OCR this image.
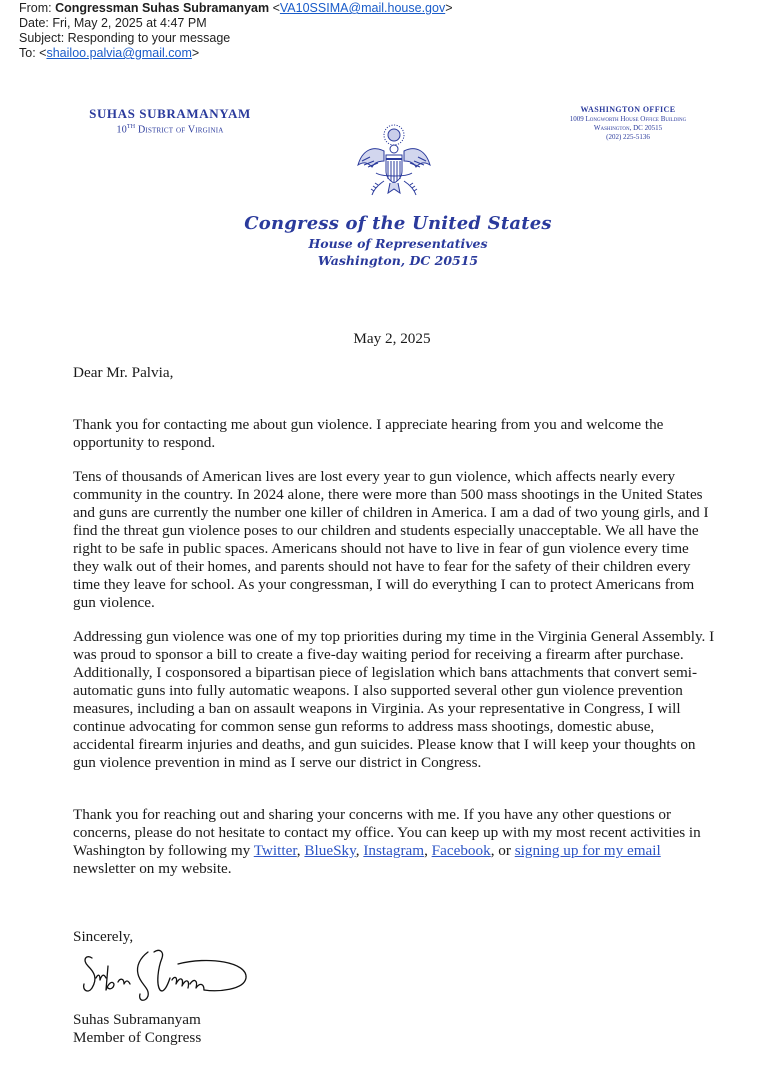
From: Congressman Suhas Subramanyam <VA10SSIMA@mail.house.gov>
Date: Fri, May 2, 2025 at 4:47 PM
Subject: Responding to your message
To: <shailoo.palvia@gmail.com>
SUHAS SUBRAMANYAM
10TH District of Virginia
WASHINGTON OFFICE
1009 Longworth House Office Building
Washington, DC 20515
(202) 225-5136
Congress of the United States
House of Representatives
Washington, DC 20515
May 2, 2025

Dear Mr. Palvia,

Thank you for contacting me about gun violence. I appreciate hearing from you and welcome the opportunity to respond.

Tens of thousands of American lives are lost every year to gun violence, which affects nearly every community in the country. In 2024 alone, there were more than 500 mass shootings in the United States and guns are currently the number one killer of children in America. I am a dad of two young girls, and I find the threat gun violence poses to our children and students especially unacceptable. We all have the right to be safe in public spaces. Americans should not have to live in fear of gun violence every time they walk out of their homes, and parents should not have to fear for the safety of their children every time they leave for school. As your congressman, I will do everything I can to protect Americans from gun violence.

Addressing gun violence was one of my top priorities during my time in the Virginia General Assembly. I was proud to sponsor a bill to create a five-day waiting period for receiving a firearm after purchase. Additionally, I cosponsored a bipartisan piece of legislation which bans attachments that convert semi-automatic guns into fully automatic weapons. I also supported several other gun violence prevention measures, including a ban on assault weapons in Virginia. As your representative in Congress, I will continue advocating for common sense gun reforms to address mass shootings, domestic abuse, accidental firearm injuries and deaths, and gun suicides. Please know that I will keep your thoughts on gun violence prevention in mind as I serve our district in Congress.

Thank you for reaching out and sharing your concerns with me. If you have any other questions or concerns, please do not hesitate to contact my office. You can keep up with my most recent activities in Washington by following my Twitter, BlueSky, Instagram, Facebook, or signing up for my email newsletter on my website.

Sincerely,

Suhas Subramanyam

Member of Congress
